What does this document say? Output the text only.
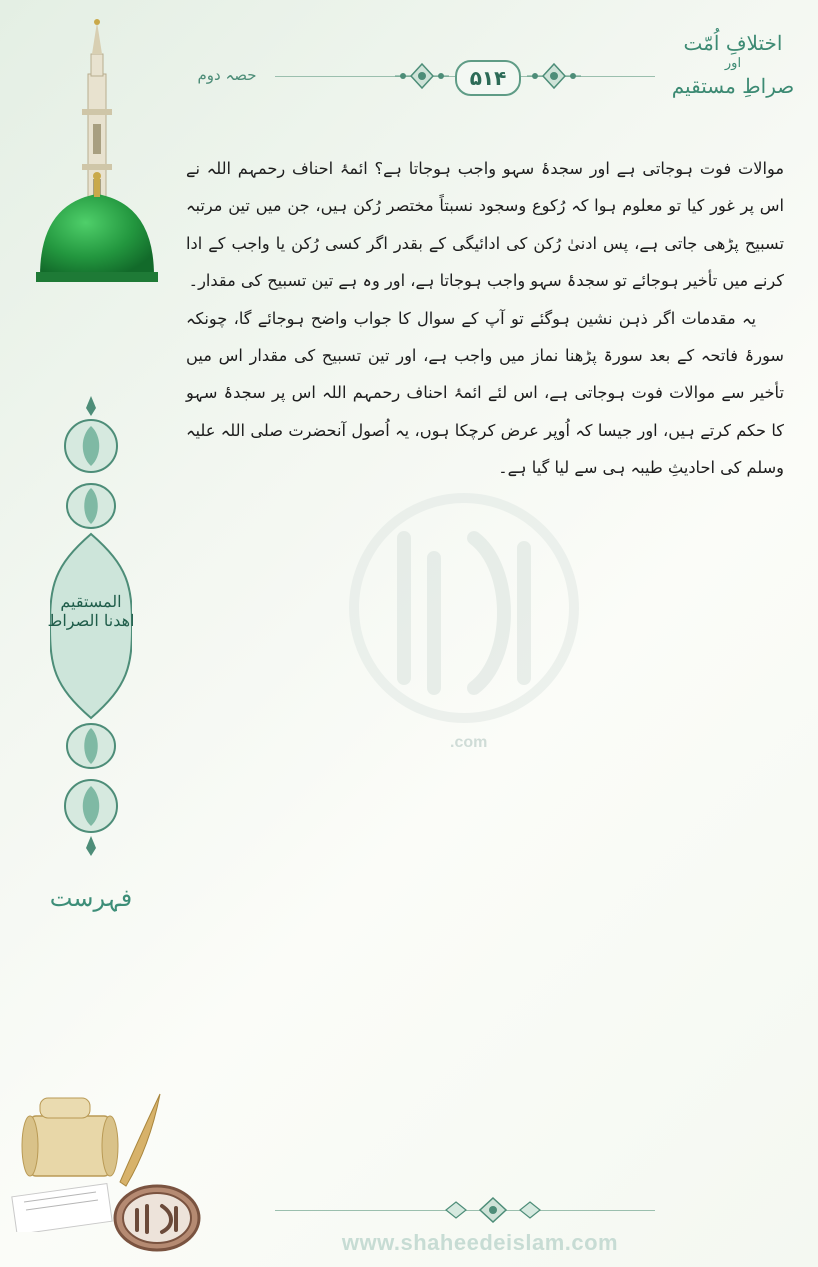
۵۱۴
حصہ دوم
اختلافِ اُمّت
اور
صراطِ مستقیم
المستقیم
اھدنا الصراط
فہرست
.com

موالات فوت ہوجاتی ہے اور سجدۂ سہو واجب ہوجاتا ہے؟ ائمۂ احناف رحمہم اللہ نے اس پر غور کیا تو معلوم ہوا کہ رُکوع وسجود نسبتاً مختصر رُکن ہیں، جن میں تین مرتبہ تسبیح پڑھی جاتی ہے، پس ادنیٰ رُکن کی ادائیگی کے بقدر اگر کسی رُکن یا واجب کے ادا کرنے میں تأخیر ہوجائے تو سجدۂ سہو واجب ہوجاتا ہے، اور وہ ہے تین تسبیح کی مقدار۔

یہ مقدمات اگر ذہن نشین ہوگئے تو آپ کے سوال کا جواب واضح ہوجائے گا، چونکہ سورۂ فاتحہ کے بعد سورۃ پڑھنا نماز میں واجب ہے، اور تین تسبیح کی مقدار اس میں تأخیر سے موالات فوت ہوجاتی ہے، اس لئے ائمۂ احناف رحمہم اللہ اس پر سجدۂ سہو کا حکم کرتے ہیں، اور جیسا کہ اُوپر عرض کرچکا ہوں، یہ اُصول آنحضرت صلی اللہ علیہ وسلم کی احادیثِ طیبہ ہی سے لیا گیا ہے۔

www.shaheedeislam.com
